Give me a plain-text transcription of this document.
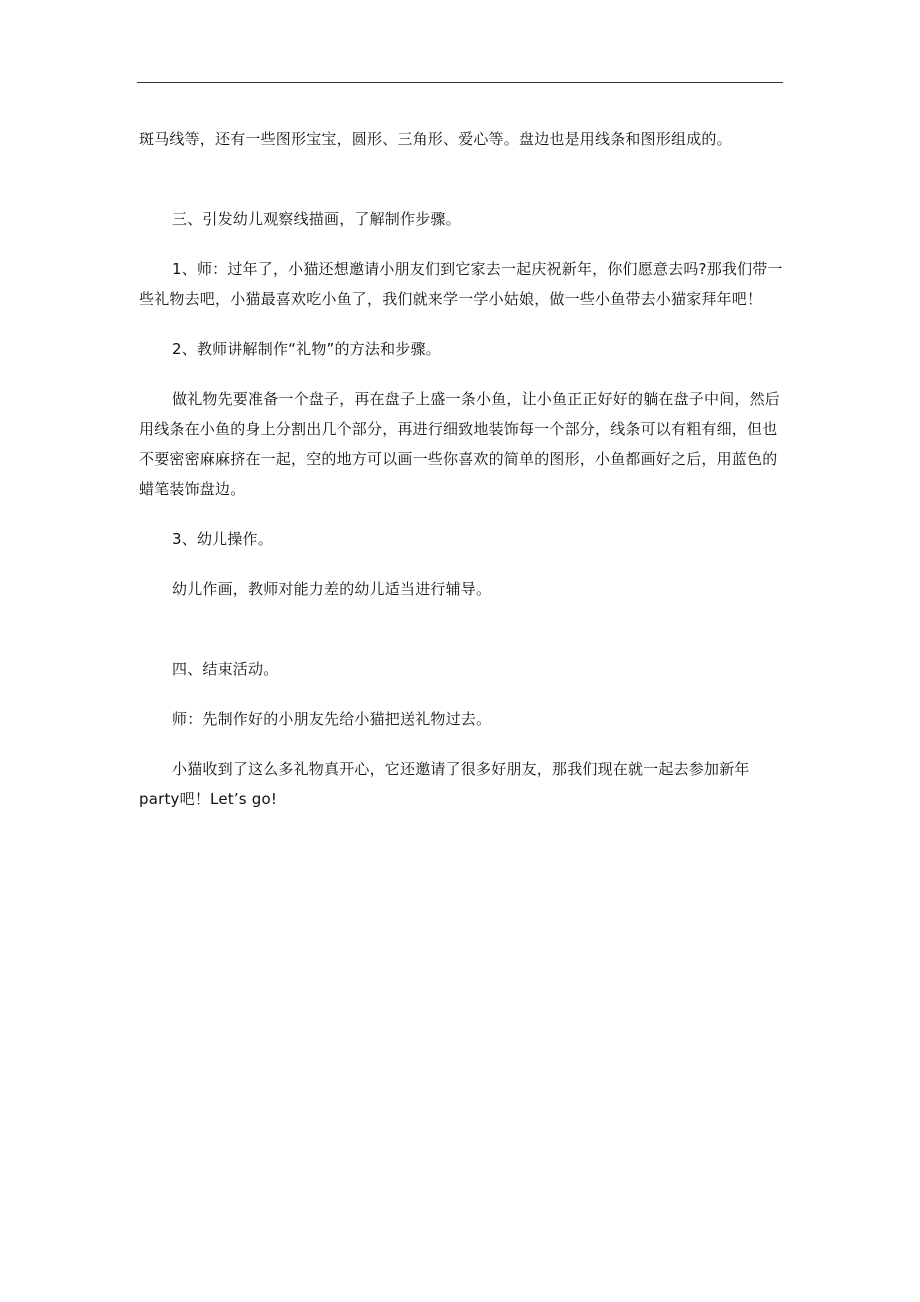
斑马线等，还有一些图形宝宝，圆形、三角形、爱心等。盘边也是用线条和图形组成的。

三、引发幼儿观察线描画，了解制作步骤。

1、师：过年了，小猫还想邀请小朋友们到它家去一起庆祝新年，你们愿意去吗?那我们带一些礼物去吧，小猫最喜欢吃小鱼了，我们就来学一学小姑娘，做一些小鱼带去小猫家拜年吧！

2、教师讲解制作“礼物”的方法和步骤。

做礼物先要准备一个盘子，再在盘子上盛一条小鱼，让小鱼正正好好的躺在盘子中间，然后用线条在小鱼的身上分割出几个部分，再进行细致地装饰每一个部分，线条可以有粗有细，但也不要密密麻麻挤在一起，空的地方可以画一些你喜欢的简单的图形，小鱼都画好之后，用蓝色的蜡笔装饰盘边。

3、幼儿操作。

幼儿作画，教师对能力差的幼儿适当进行辅导。

四、结束活动。

师：先制作好的小朋友先给小猫把送礼物过去。

小猫收到了这么多礼物真开心，它还邀请了很多好朋友，那我们现在就一起去参加新年party吧！Let’s go!
